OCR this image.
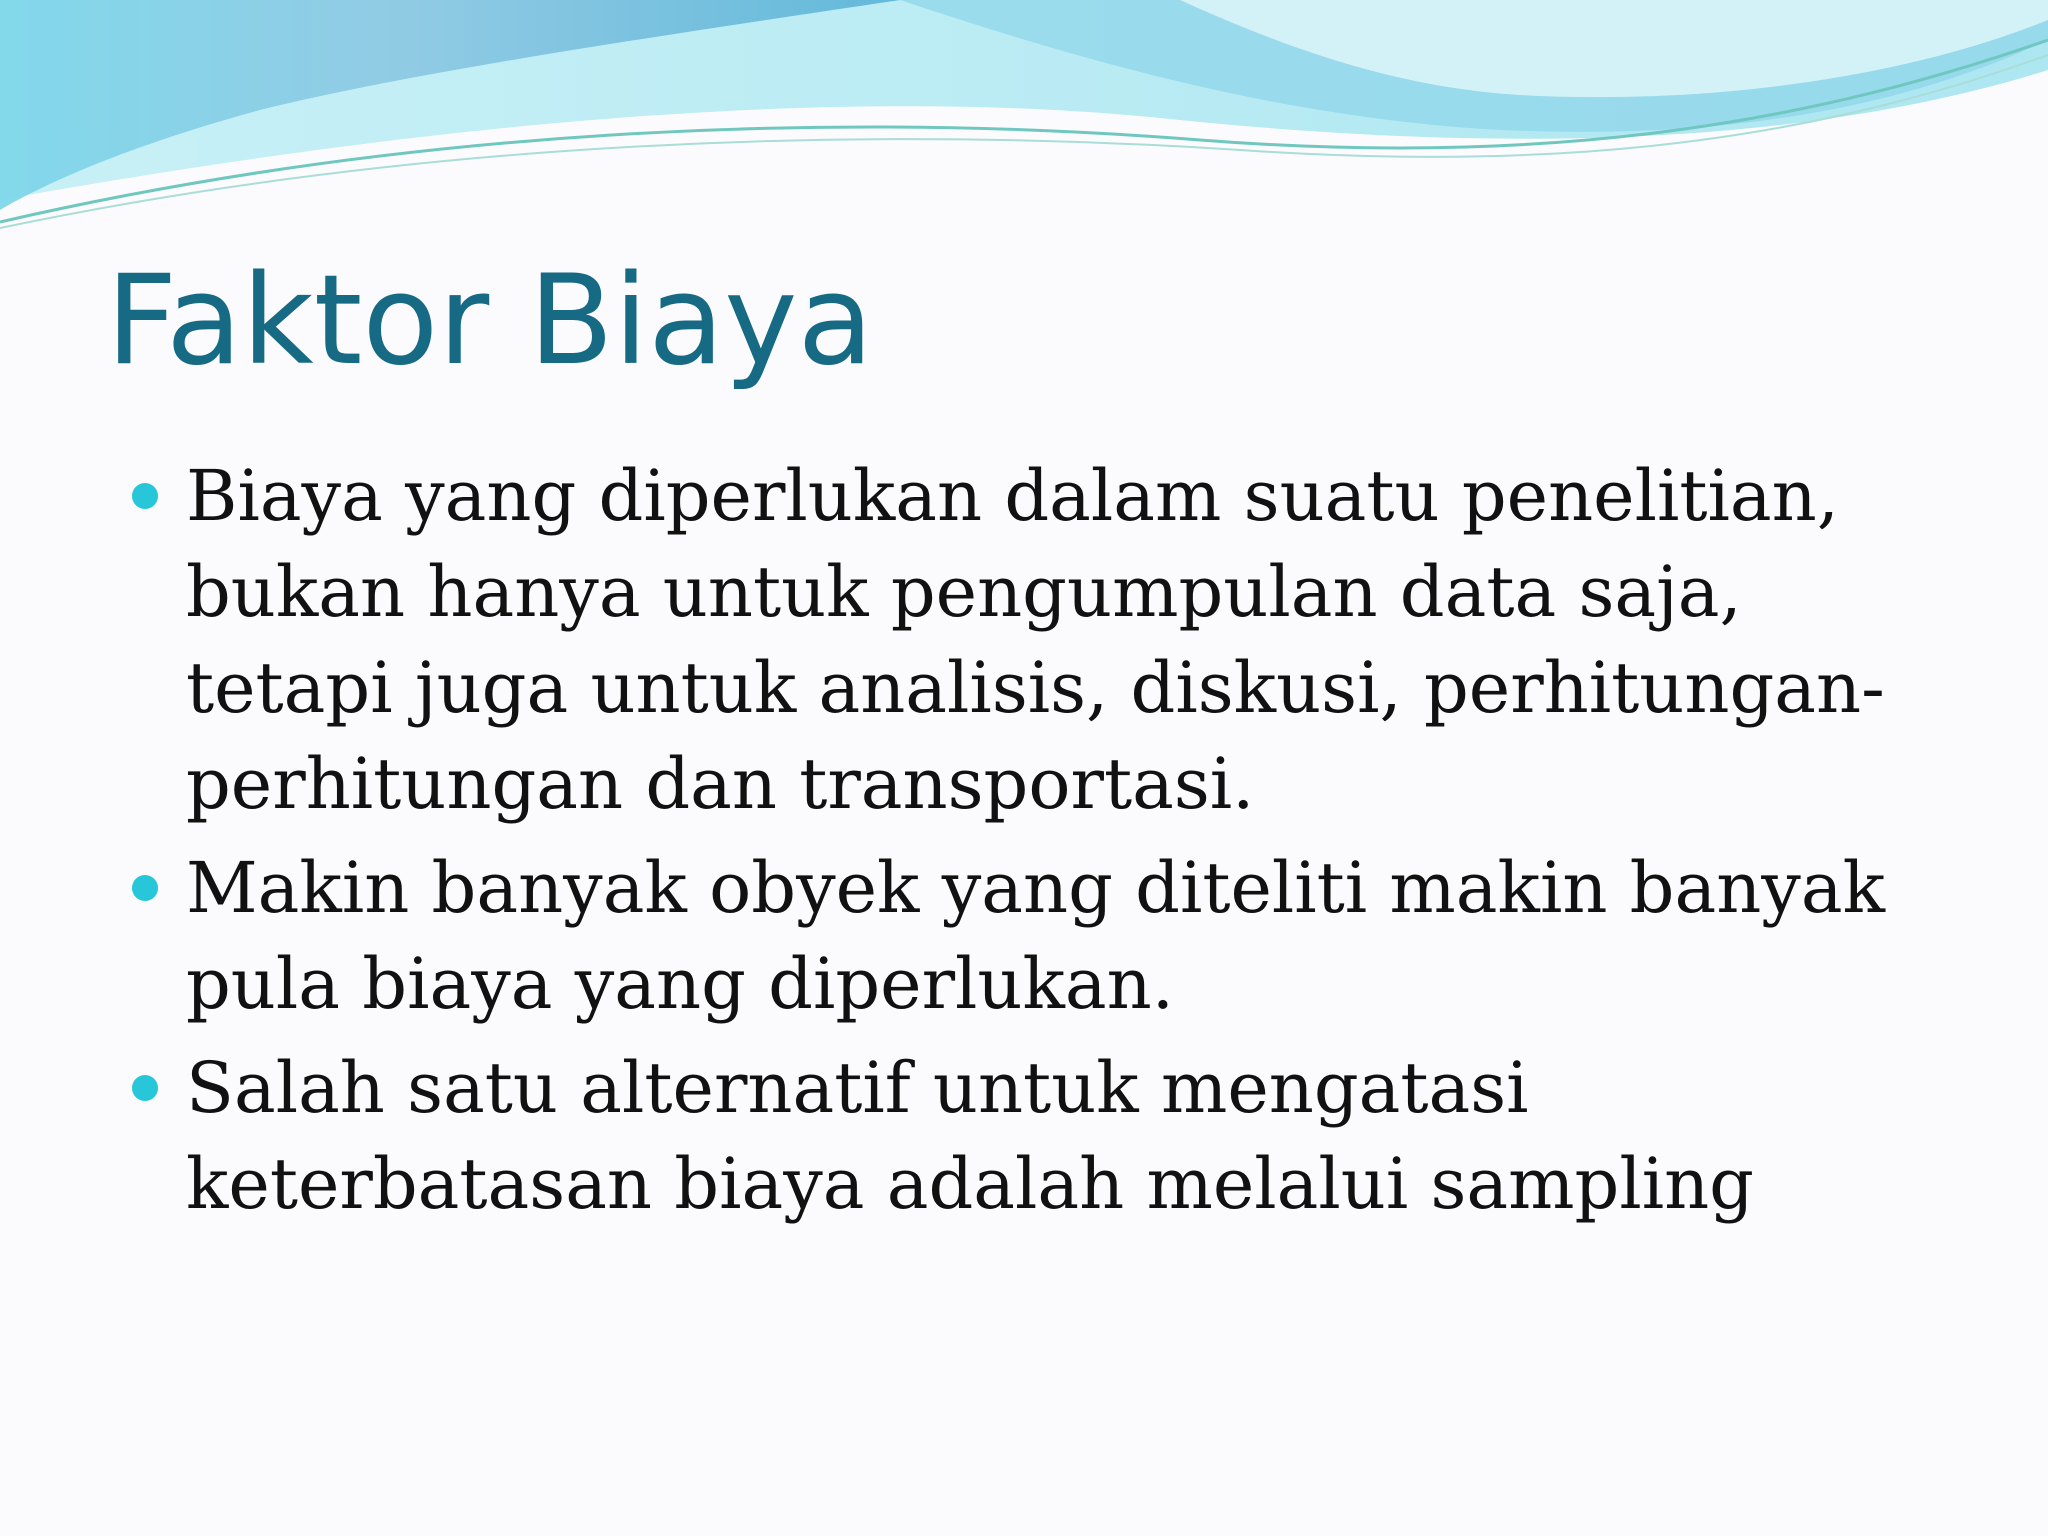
Faktor Biaya
Biaya yang diperlukan dalam suatu penelitian, bukan hanya untuk pengumpulan data saja, tetapi juga untuk analisis, diskusi, perhitungan-perhitungan dan transportasi.
Makin banyak obyek yang diteliti makin banyak pula biaya yang diperlukan.
Salah satu alternatif untuk mengatasi keterbatasan biaya adalah melalui sampling
